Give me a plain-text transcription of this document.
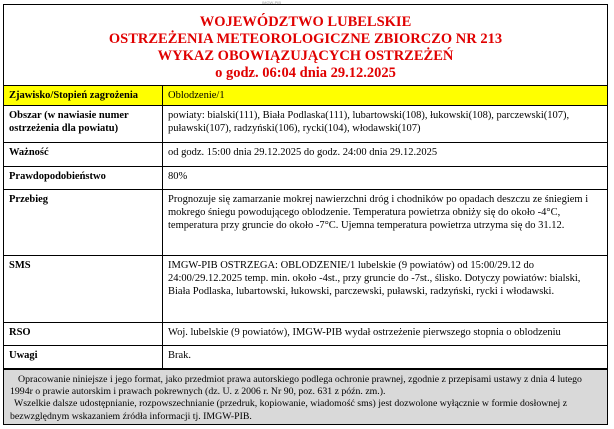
IMGW-PIB
WOJEWÓDZTWO LUBELSKIE
OSTRZEŻENIA METEOROLOGICZNE ZBIORCZO NR 213
WYKAZ OBOWIĄZUJĄCYCH OSTRZEŻEŃ
o godz. 06:04 dnia 29.12.2025
Zjawisko/Stopień zagrożenia	Oblodzenie/1
Obszar (w nawiasie numer ostrzeżenia dla powiatu)	powiaty: bialski(111), Biała Podlaska(111), lubartowski(108), łukowski(108), parczewski(107), puławski(107), radzyński(106), rycki(104), włodawski(107)
Ważność	od godz. 15:00 dnia 29.12.2025 do godz. 24:00 dnia 29.12.2025
Prawdopodobieństwo	80%
Przebieg	Prognozuje się zamarzanie mokrej nawierzchni dróg i chodników po opadach deszczu ze śniegiem i mokrego śniegu powodującego oblodzenie. Temperatura powietrza obniży się do około -4°C, temperatura przy gruncie do około -7°C. Ujemna temperatura powietrza utrzyma się do 31.12.
SMS	IMGW-PIB OSTRZEGA: OBLODZENIE/1 lubelskie (9 powiatów) od 15:00/29.12 do 24:00/29.12.2025 temp. min. około -4st., przy gruncie do -7st., ślisko. Dotyczy powiatów: bialski, Biała Podlaska, lubartowski, łukowski, parczewski, puławski, radzyński, rycki i włodawski.
RSO	Woj. lubelskie (9 powiatów), IMGW-PIB wydał ostrzeżenie pierwszego stopnia o oblodzeniu
Uwagi	Brak.

Opracowanie niniejsze i jego format, jako przedmiot prawa autorskiego podlega ochronie prawnej, zgodnie z przepisami ustawy z dnia 4 lutego 1994r o prawie autorskim i prawach pokrewnych (dz. U. z 2006 r. Nr 90, poz. 631 z późn. zm.).

Wszelkie dalsze udostępnianie, rozpowszechnianie (przedruk, kopiowanie, wiadomość sms) jest dozwolone wyłącznie w formie dosłownej z bezwzględnym wskazaniem źródła informacji tj. IMGW-PIB.
